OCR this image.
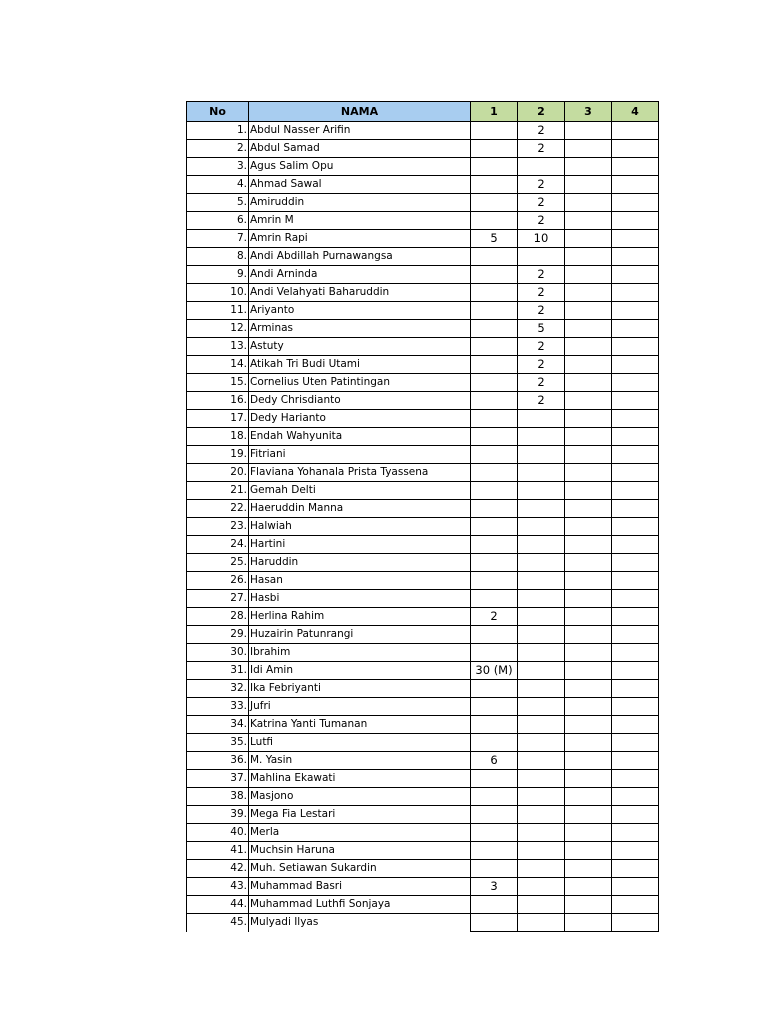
No	NAMA	1	2	3	4
1.	Abdul Nasser Arifin		2		
2.	Abdul Samad		2		
3.	Agus Salim Opu				
4.	Ahmad Sawal		2		
5.	Amiruddin		2		
6.	Amrin M		2		
7.	Amrin Rapi	5	10		
8.	Andi Abdillah Purnawangsa				
9.	Andi Arninda		2		
10.	Andi Velahyati Baharuddin		2		
11.	Ariyanto		2		
12.	Arminas		5		
13.	Astuty		2		
14.	Atikah Tri Budi Utami		2		
15.	Cornelius Uten Patintingan		2		
16.	Dedy Chrisdianto		2		
17.	Dedy Harianto				
18.	Endah Wahyunita				
19.	Fitriani				
20.	Flaviana Yohanala Prista Tyassena				
21.	Gemah Delti				
22.	Haeruddin Manna				
23.	Halwiah				
24.	Hartini				
25.	Haruddin				
26.	Hasan				
27.	Hasbi				
28.	Herlina Rahim	2			
29.	Huzairin Patunrangi				
30.	Ibrahim				
31.	Idi Amin	30 (M)			
32.	Ika Febriyanti				
33.	Jufri				
34.	Katrina Yanti Tumanan				
35.	Lutfi				
36.	M. Yasin	6			
37.	Mahlina Ekawati				
38.	Masjono				
39.	Mega Fia Lestari				
40.	Merla				
41.	Muchsin Haruna				
42.	Muh. Setiawan Sukardin				
43.	Muhammad Basri	3			
44.	Muhammad Luthfi Sonjaya				
45.	Mulyadi Ilyas				
